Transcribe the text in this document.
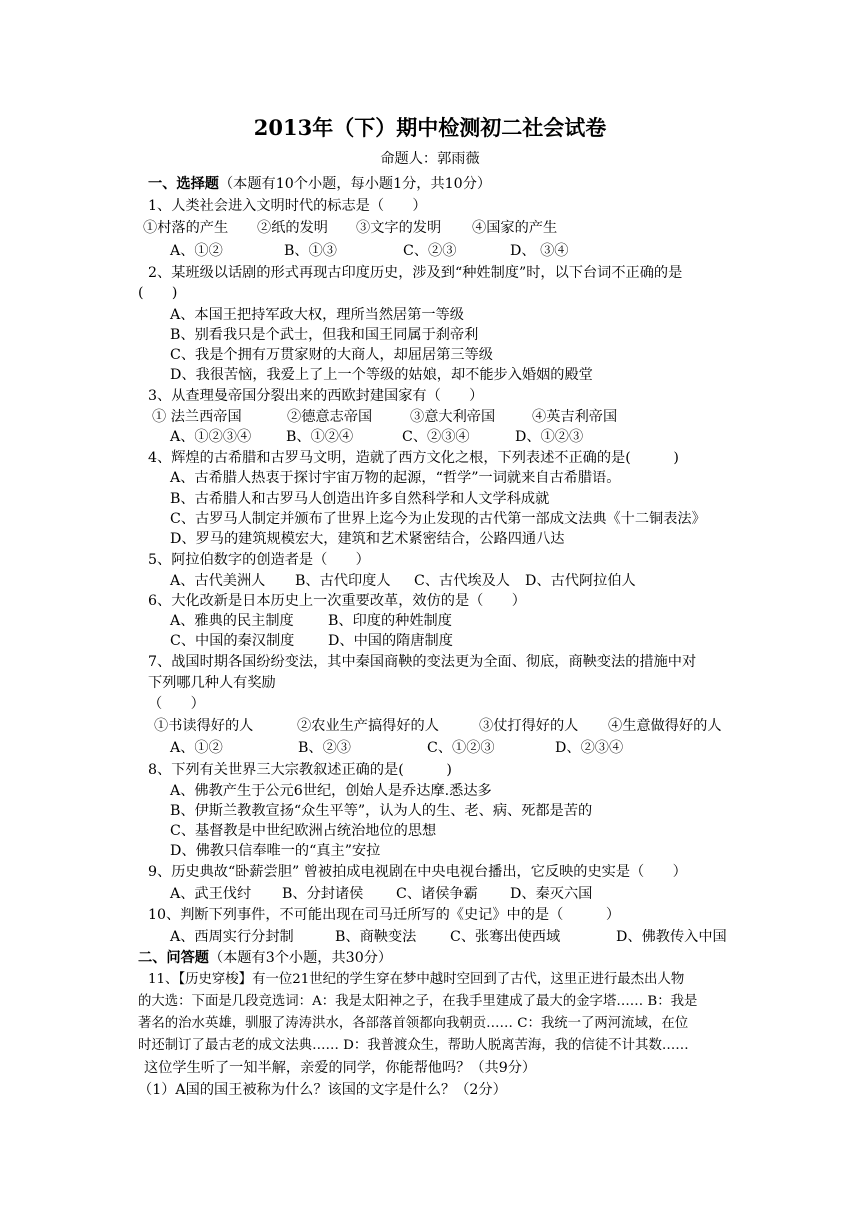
2013年（下）期中检测初二社会试卷
命题人：郭雨薇
一、选择题（本题有10个小题，每小题1分，共10分）
1、人类社会进入文明时代的标志是（　　）
①村落的产生 ②纸的发明 ③文字的发明 ④国家的产生
A、①②	B、①③	C、②③	D、 ③④
2、某班级以话剧的形式再现古印度历史，涉及到“种姓制度”时，以下台词不正确的是
(　　)
A、本国王把持军政大权，理所当然居第一等级
B、别看我只是个武士，但我和国王同属于刹帝利
C、我是个拥有万贯家财的大商人，却屈居第三等级
D、我很苦恼，我爱上了上一个等级的姑娘，却不能步入婚姻的殿堂
3、从查理曼帝国分裂出来的西欧封建国家有（　　）
① 法兰西帝国	②德意志帝国	③意大利帝国	④英吉利帝国
A、①②③④ B、①②④	C、②③④	D、①②③
4、辉煌的古希腊和古罗马文明，造就了西方文化之根，下列表述不正确的是(　　　)
A、古希腊人热衷于探讨宇宙万物的起源，“哲学”一词就来自古希腊语。
B、古希腊人和古罗马人创造出许多自然科学和人文学科成就
C、古罗马人制定并颁布了世界上迄今为止发现的古代第一部成文法典《十二铜表法》
D、罗马的建筑规模宏大，建筑和艺术紧密结合，公路四通八达
5、阿拉伯数字的创造者是（　　）
A、古代美洲人 B、古代印度人 C、古代埃及人 D、古代阿拉伯人
6、大化改新是日本历史上一次重要改革，效仿的是（　　）
A、雅典的民主制度 B、印度的种姓制度
C、中国的秦汉制度 D、中国的隋唐制度
7、战国时期各国纷纷变法，其中秦国商鞅的变法更为全面、彻底，商鞅变法的措施中对
下列哪几种人有奖励
（　　）
①书读得好的人	②农业生产搞得好的人	③仗打得好的人 ④生意做得好的人
A、①②	B、②③	C、①②③	D、②③④
8、下列有关世界三大宗教叙述正确的是(　　　)
A、佛教产生于公元6世纪，创始人是乔达摩.悉达多
B、伊斯兰教教宣扬“众生平等”，认为人的生、老、病、死都是苦的
C、基督教是中世纪欧洲占统治地位的思想
D、佛教只信奉唯一的“真主”安拉
9、历史典故“卧薪尝胆” 曾被拍成电视剧在中央电视台播出，它反映的史实是（　　）
A、武王伐纣 B、分封诸侯 C、诸侯争霸 D、秦灭六国
10、判断下列事件，不可能出现在司马迁所写的《史记》中的是（　　　）
A、西周实行分封制	B、商鞅变法 C、张骞出使西域	D、佛教传入中国
二、问答题（本题有3个小题，共30分）
11、【历史穿梭】有一位21世纪的学生穿在梦中越时空回到了古代，这里正进行最杰出人物
的大选：下面是几段竞选词：A：我是太阳神之子，在我手里建成了最大的金字塔…… B：我是
著名的治水英雄，驯服了涛涛洪水，各部落首领都向我朝贡…… C：我统一了两河流域，在位
时还制订了最古老的成文法典…… D：我普渡众生，帮助人脱离苦海，我的信徒不计其数……
这位学生听了一知半解，亲爱的同学，你能帮他吗？（共9分）
（1）A国的国王被称为什么？该国的文字是什么？（2分）
